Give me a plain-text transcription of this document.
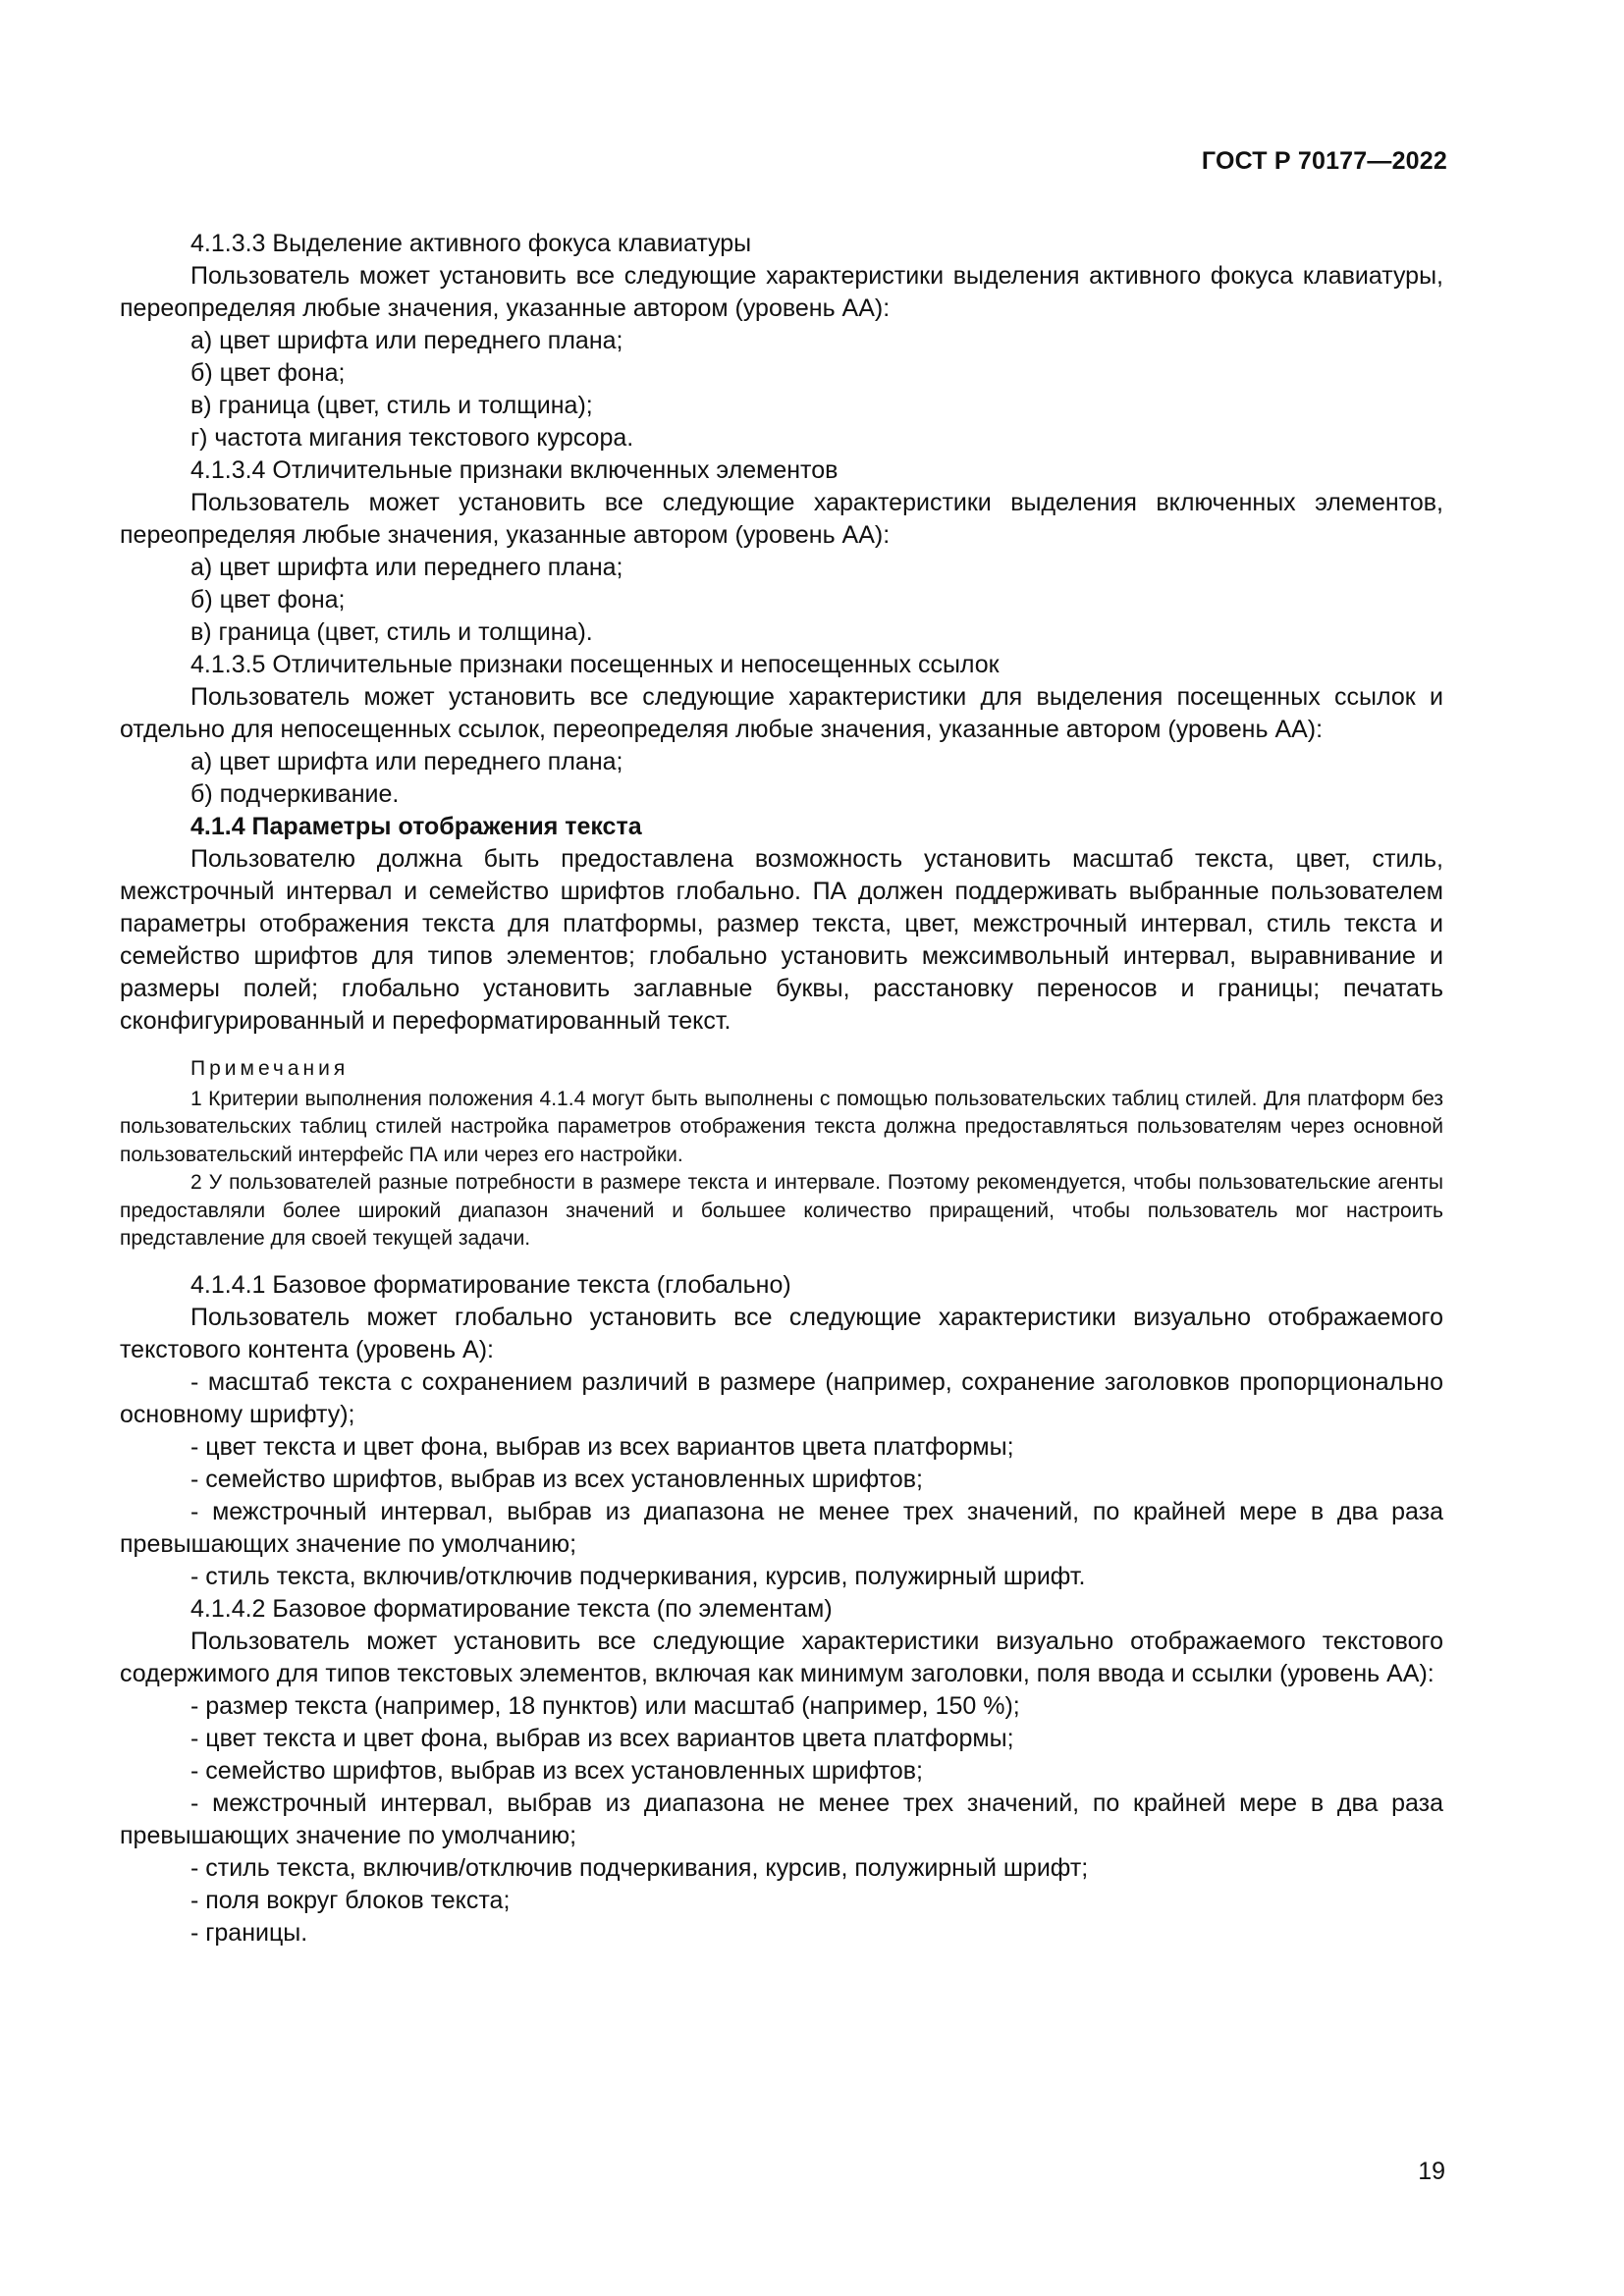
ГОСТ Р 70177—2022

4.1.3.3 Выделение активного фокуса клавиатуры

Пользователь может установить все следующие характеристики выделения активного фокуса клавиатуры, переопределяя любые значения, указанные автором (уровень АА):

а) цвет шрифта или переднего плана;

б) цвет фона;

в) граница (цвет, стиль и толщина);

г) частота мигания текстового курсора.

4.1.3.4 Отличительные признаки включенных элементов

Пользователь может установить все следующие характеристики выделения включенных элементов, переопределяя любые значения, указанные автором (уровень АА):

а) цвет шрифта или переднего плана;

б) цвет фона;

в) граница (цвет, стиль и толщина).

4.1.3.5 Отличительные признаки посещенных и непосещенных ссылок

Пользователь может установить все следующие характеристики для выделения посещенных ссылок и отдельно для непосещенных ссылок, переопределяя любые значения, указанные автором (уровень АА):

а) цвет шрифта или переднего плана;

б) подчеркивание.

4.1.4 Параметры отображения текста

Пользователю должна быть предоставлена возможность установить масштаб текста, цвет, стиль, межстрочный интервал и семейство шрифтов глобально. ПА должен поддерживать выбранные пользователем параметры отображения текста для платформы, размер текста, цвет, межстрочный интервал, стиль текста и семейство шрифтов для типов элементов; глобально установить межсимвольный интервал, выравнивание и размеры полей; глобально установить заглавные буквы, расстановку переносов и границы; печатать сконфигурированный и переформатированный текст.

Примечания

1 Критерии выполнения положения 4.1.4 могут быть выполнены с помощью пользовательских таблиц стилей. Для платформ без пользовательских таблиц стилей настройка параметров отображения текста должна предоставляться пользователям через основной пользовательский интерфейс ПА или через его настройки.

2 У пользователей разные потребности в размере текста и интервале. Поэтому рекомендуется, чтобы пользовательские агенты предоставляли более широкий диапазон значений и большее количество приращений, чтобы пользователь мог настроить представление для своей текущей задачи.

4.1.4.1 Базовое форматирование текста (глобально)

Пользователь может глобально установить все следующие характеристики визуально отображаемого текстового контента (уровень А):

- масштаб текста с сохранением различий в размере (например, сохранение заголовков пропорционально основному шрифту);

- цвет текста и цвет фона, выбрав из всех вариантов цвета платформы;

- семейство шрифтов, выбрав из всех установленных шрифтов;

- межстрочный интервал, выбрав из диапазона не менее трех значений, по крайней мере в два раза превышающих значение по умолчанию;

- стиль текста, включив/отключив подчеркивания, курсив, полужирный шрифт.

4.1.4.2 Базовое форматирование текста (по элементам)

Пользователь может установить все следующие характеристики визуально отображаемого текстового содержимого для типов текстовых элементов, включая как минимум заголовки, поля ввода и ссылки (уровень АА):

- размер текста (например, 18 пунктов) или масштаб (например, 150 %);

- цвет текста и цвет фона, выбрав из всех вариантов цвета платформы;

- семейство шрифтов, выбрав из всех установленных шрифтов;

- межстрочный интервал, выбрав из диапазона не менее трех значений, по крайней мере в два раза превышающих значение по умолчанию;

- стиль текста, включив/отключив подчеркивания, курсив, полужирный шрифт;

- поля вокруг блоков текста;

- границы.

19
